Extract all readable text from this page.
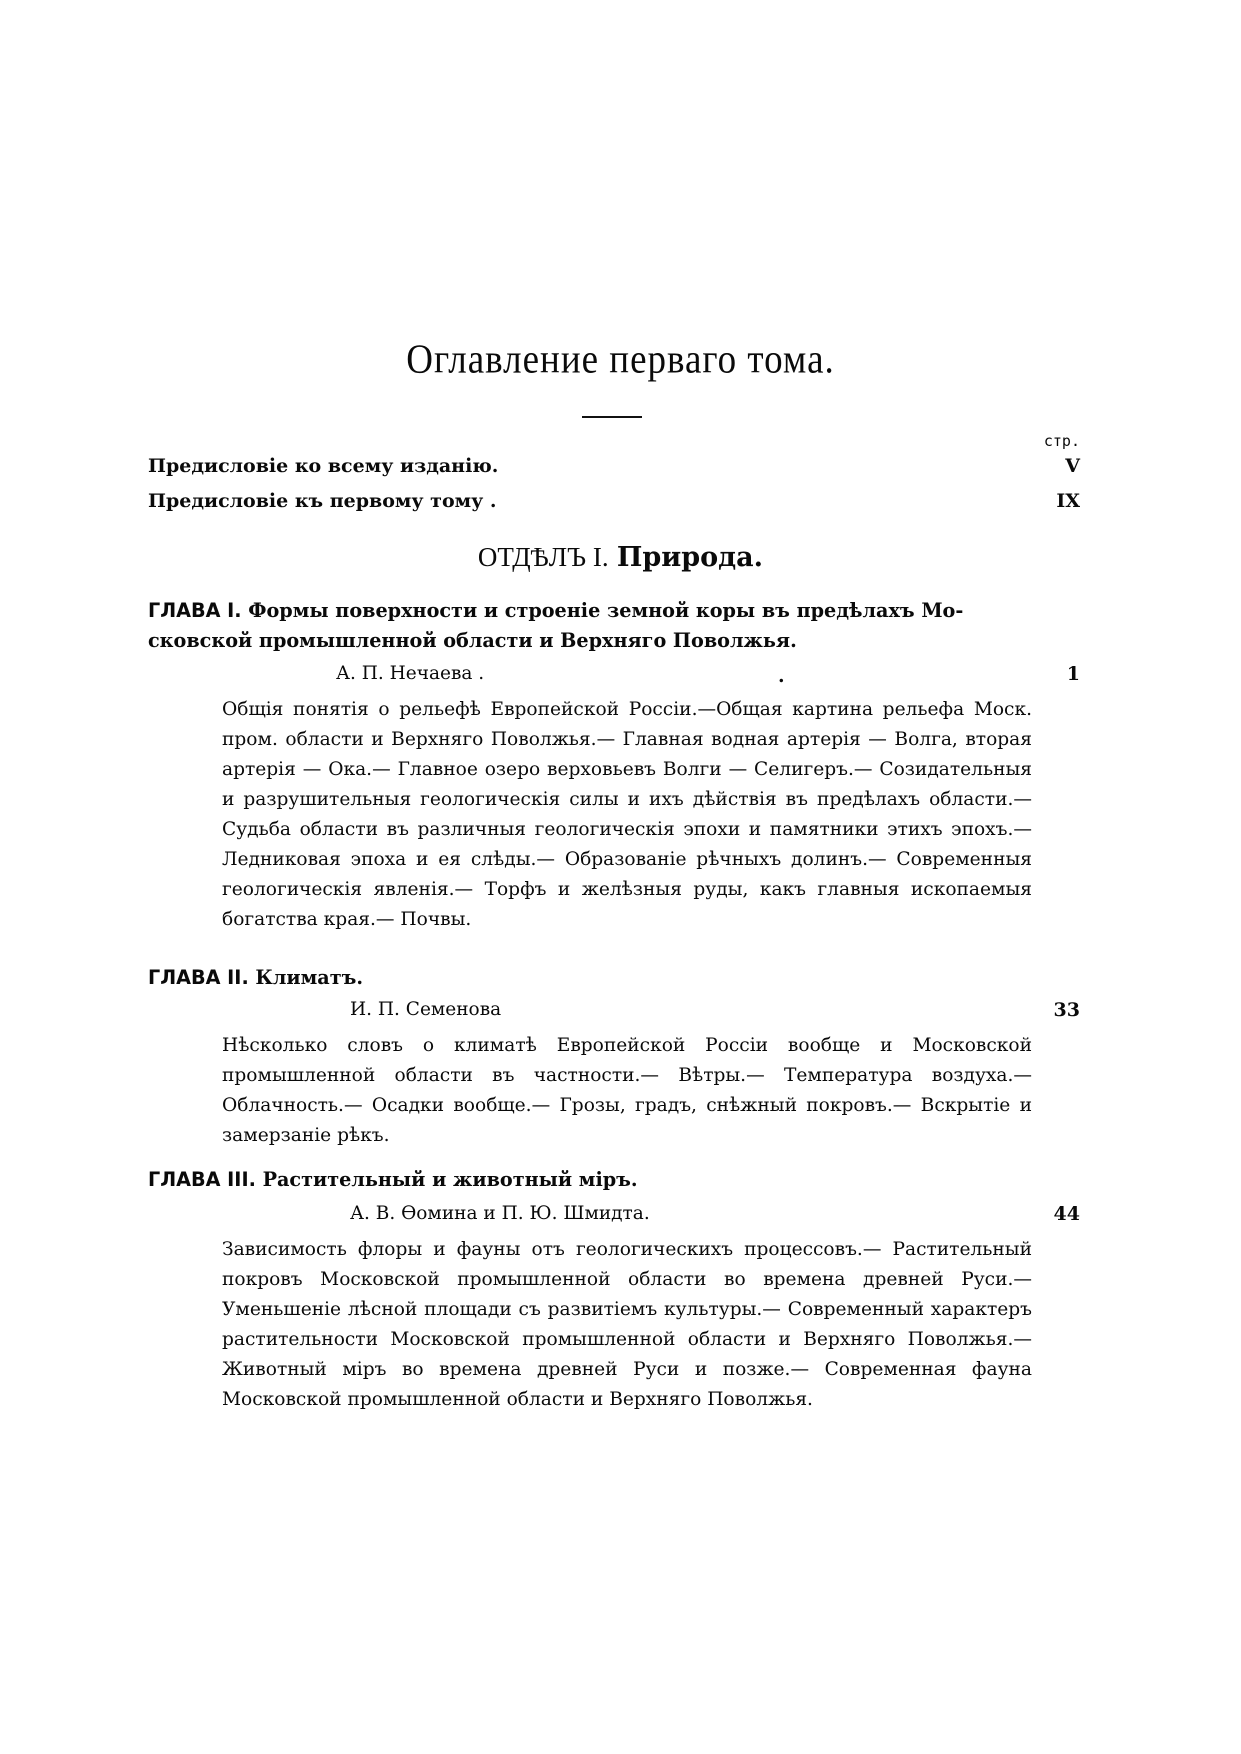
Оглавление перваго тома.
стр.
Предисловіе ко всему изданію.	V
Предисловіе къ первому тому .	IX
ОТДѢЛЪ I. Природа.
ГЛАВА I. Формы поверхности и строеніе земной коры въ предѣлахъ Мо-
сковской промышленной области и Верхняго Поволжья.
А. П. Нечаева .	.	1
Общія понятія о рельефѣ Европейской Россіи.—Общая картина рельефа Моск. пром. области и Верхняго Поволжья.— Главная водная артерія — Волга, вторая артерія — Ока.— Главное озеро верховьевъ Волги — Селигеръ.— Созидательныя и разрушительныя геологическія силы и ихъ дѣйствія въ предѣлахъ области.— Судьба области въ различныя геологическія эпохи и памятники этихъ эпохъ.— Ледниковая эпоха и ея слѣды.— Образованіе рѣчныхъ долинъ.— Современныя геологическія явленія.— Торфъ и желѣзныя руды, какъ главныя ископаемыя богатства края.— Почвы.
ГЛАВА II. Климатъ.
И. П. Семенова	33
Нѣсколько словъ о климатѣ Европейской Россіи вообще и Московской промышленной области въ частности.— Вѣтры.— Температура воздуха.— Облачность.— Осадки вообще.— Грозы, градъ, снѣжный покровъ.— Вскрытіе и замерзаніе рѣкъ.
ГЛАВА III. Растительный и животный міръ.
А. В. Ѳомина и П. Ю. Шмидта.	44
Зависимость флоры и фауны отъ геологическихъ процессовъ.— Растительный покровъ Московской промышленной области во времена древней Руси.— Уменьшеніе лѣсной площади съ развитіемъ культуры.— Современный характеръ растительности Московской промышленной области и Верхняго Поволжья.—Животный міръ во времена древней Руси и позже.— Современная фауна Московской промышленной области и Верхняго Поволжья.
